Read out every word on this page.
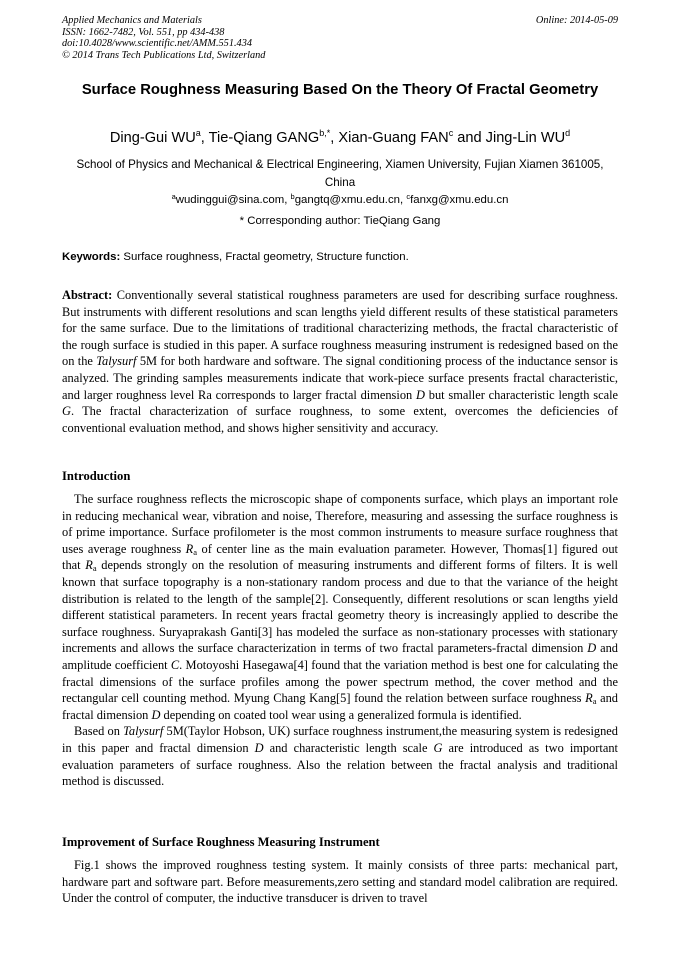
Applied Mechanics and Materials
ISSN: 1662-7482, Vol. 551, pp 434-438
doi:10.4028/www.scientific.net/AMM.551.434
© 2014 Trans Tech Publications Ltd, Switzerland
Online: 2014-05-09
Surface Roughness Measuring Based On the Theory Of Fractal Geometry
Ding-Gui $WU^a$, Tie-Qiang $GANG^{b,*}$, Xian-Guang FAN$^c$ and Jing-Lin $WU^d$
School of Physics and Mechanical & Electrical Engineering, Xiamen University, Fujian Xiamen 361005, China
$^a$wudinggui@sina.com, $^b$gangtq@xmu.edu.cn, $^c$fanxg@xmu.edu.cn
* Corresponding author: TieQiang Gang
Keywords: Surface roughness, Fractal geometry, Structure function.
Abstract: Conventionally several statistical roughness parameters are used for describing surface roughness. But instruments with different resolutions and scan lengths yield different results of these statistical parameters for the same surface. Due to the limitations of traditional characterizing methods, the fractal characteristic of the rough surface is studied in this paper. A surface roughness measuring instrument is redesigned based on the on the Talysurf 5M for both hardware and software. The signal conditioning process of the inductance sensor is analyzed. The grinding samples measurements indicate that work-piece surface presents fractal characteristic, and larger roughness level Ra corresponds to larger fractal dimension D but smaller characteristic length scale G. The fractal characterization of surface roughness, to some extent, overcomes the deficiencies of conventional evaluation method, and shows higher sensitivity and accuracy.
Introduction

The surface roughness reflects the microscopic shape of components surface, which plays an important role in reducing mechanical wear, vibration and noise, Therefore, measuring and assessing the surface roughness is of prime importance. Surface profilometer is the most common instruments to measure surface roughness that uses average roughness $R_a$ of center line as the main evaluation parameter. However, Thomas[1] figured out that $R_a$ depends strongly on the resolution of measuring instruments and different forms of filters. It is well known that surface topography is a non-stationary random process and due to that the variance of the height distribution is related to the length of the sample[2]. Consequently, different resolutions or scan lengths yield different statistical parameters. In recent years fractal geometry theory is increasingly applied to describe the surface roughness. Suryaprakash Ganti[3] has modeled the surface as non-stationary processes with stationary increments and allows the surface characterization in terms of two fractal parameters-fractal dimension D and amplitude coefficient C. Motoyoshi Hasegawa[4] found that the variation method is best one for calculating the fractal dimensions of the surface profiles among the power spectrum method, the cover method and the rectangular cell counting method. Myung Chang Kang[5] found the relation between surface roughness $R_a$ and fractal dimension D depending on coated tool wear using a generalized formula is identified.

Based on Talysurf 5M(Taylor Hobson, UK) surface roughness instrument,the measuring system is redesigned in this paper and fractal dimension D and characteristic length scale G are introduced as two important evaluation parameters of surface roughness. Also the relation between the fractal analysis and traditional method is discussed.

Improvement of Surface Roughness Measuring Instrument

Fig.1 shows the improved roughness testing system. It mainly consists of three parts: mechanical part, hardware part and software part. Before measurements,zero setting and standard model calibration are required. Under the control of computer, the inductive transducer is driven to travel
